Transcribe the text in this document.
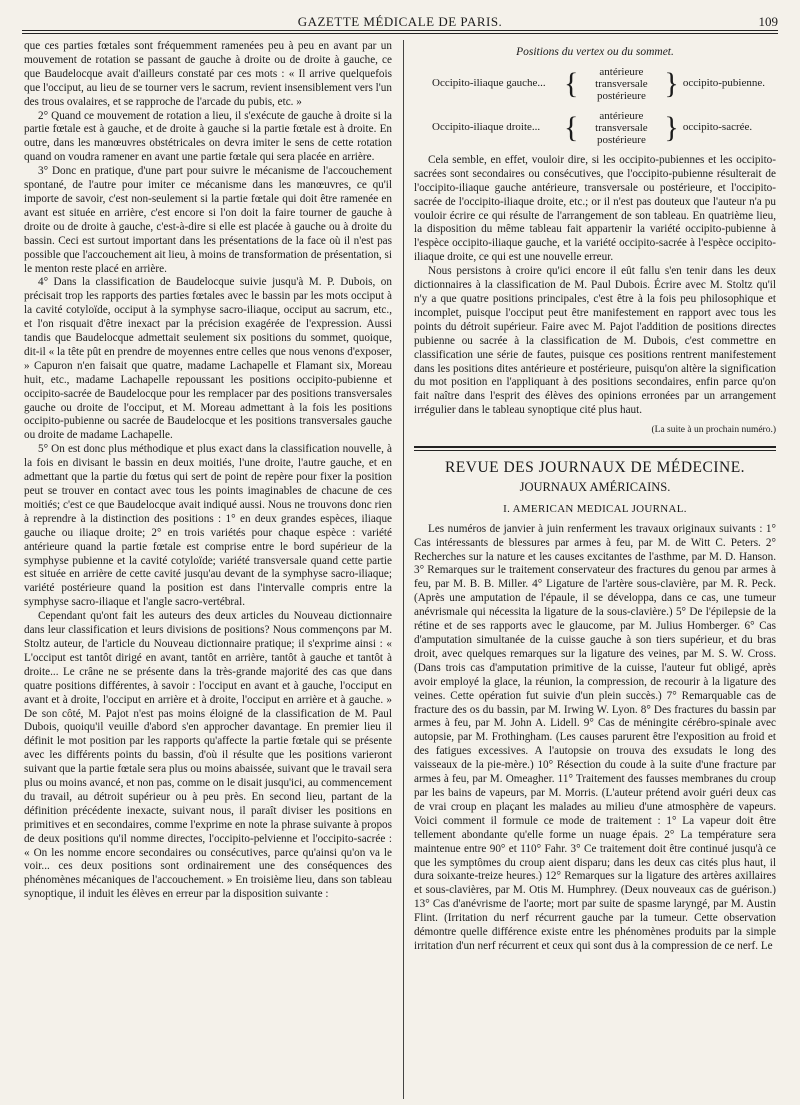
GAZETTE MÉDICALE DE PARIS.	109

que ces parties fœtales sont fréquemment ramenées peu à peu en avant par un mouvement de rotation se passant de gauche à droite ou de droite à gauche, ce que Baudelocque avait d'ailleurs constaté par ces mots : « Il arrive quelquefois que l'occiput, au lieu de se tourner vers le sacrum, revient insensiblement vers l'un des trous ovalaires, et se rapproche de l'arcade du pubis, etc. »

2° Quand ce mouvement de rotation a lieu, il s'exécute de gauche à droite si la partie fœtale est à gauche, et de droite à gauche si la partie fœtale est à droite. En outre, dans les manœuvres obstétricales on devra imiter le sens de cette rotation quand on voudra ramener en avant une partie fœtale qui sera placée en arrière.

3° Donc en pratique, d'une part pour suivre le mécanisme de l'accouchement spontané, de l'autre pour imiter ce mécanisme dans les manœuvres, ce qu'il importe de savoir, c'est non-seulement si la partie fœtale qui doit être ramenée en avant est située en arrière, c'est encore si l'on doit la faire tourner de gauche à droite ou de droite à gauche, c'est-à-dire si elle est placée à gauche ou à droite du bassin. Ceci est surtout important dans les présentations de la face où il n'est pas possible que l'accouchement ait lieu, à moins de transformation de présentation, si le menton reste placé en arrière.

4° Dans la classification de Baudelocque suivie jusqu'à M. P. Dubois, on précisait trop les rapports des parties fœtales avec le bassin par les mots occiput à la cavité cotyloïde, occiput à la symphyse sacro-iliaque, occiput au sacrum, etc., et l'on risquait d'être inexact par la précision exagérée de l'expression. Aussi tandis que Baudelocque admettait seulement six positions du sommet, quoique, dit-il « la tête pût en prendre de moyennes entre celles que nous venons d'exposer, » Capuron n'en faisait que quatre, madame Lachapelle et Flamant six, Moreau huit, etc., madame Lachapelle repoussant les positions occipito-pubienne et occipito-sacrée de Baudelocque pour les remplacer par des positions transversales gauche ou droite de l'occiput, et M. Moreau admettant à la fois les positions occipito-pubienne ou sacrée de Baudelocque et les positions transversales gauche ou droite de madame Lachapelle.

5° On est donc plus méthodique et plus exact dans la classification nouvelle, à la fois en divisant le bassin en deux moitiés, l'une droite, l'autre gauche, et en admettant que la partie du fœtus qui sert de point de repère pour fixer la position peut se trouver en contact avec tous les points imaginables de chacune de ces moitiés; c'est ce que Baudelocque avait indiqué aussi. Nous ne trouvons donc rien à reprendre à la distinction des positions : 1° en deux grandes espèces, iliaque gauche ou iliaque droite; 2° en trois variétés pour chaque espèce : variété antérieure quand la partie fœtale est comprise entre le bord supérieur de la symphyse pubienne et la cavité cotyloïde; variété transversale quand cette partie est située en arrière de cette cavité jusqu'au devant de la symphyse sacro-iliaque; variété postérieure quand la position est dans l'intervalle compris entre la symphyse sacro-iliaque et l'angle sacro-vertébral.

Cependant qu'ont fait les auteurs des deux articles du Nouveau dictionnaire dans leur classification et leurs divisions de positions? Nous commençons par M. Stoltz auteur, de l'article du Nouveau dictionnaire pratique; il s'exprime ainsi : « L'occiput est tantôt dirigé en avant, tantôt en arrière, tantôt à gauche et tantôt à droite... Le crâne ne se présente dans la très-grande majorité des cas que dans quatre positions différentes, à savoir : l'occiput en avant et à gauche, l'occiput en avant et à droite, l'occiput en arrière et à droite, l'occiput en arrière et à gauche. » De son côté, M. Pajot n'est pas moins éloigné de la classification de M. Paul Dubois, quoiqu'il veuille d'abord s'en approcher davantage. En premier lieu il définit le mot position par les rapports qu'affecte la partie fœtale qui se présente avec les différents points du bassin, d'où il résulte que les positions varieront suivant que la partie fœtale sera plus ou moins abaissée, suivant que le travail sera plus ou moins avancé, et non pas, comme on le disait jusqu'ici, au commencement du travail, au détroit supérieur ou à peu près. En second lieu, partant de la définition précédente inexacte, suivant nous, il paraît diviser les positions en primitives et en secondaires, comme l'exprime en note la phrase suivante à propos de deux positions qu'il nomme directes, l'occipito-pelvienne et l'occipito-sacrée : « On les nomme encore secondaires ou consécutives, parce qu'ainsi qu'on va le voir... ces deux positions sont ordinairement une des conséquences des phénomènes mécaniques de l'accouchement. » En troisième lieu, dans son tableau synoptique, il induit les élèves en erreur par la disposition suivante :

Positions du vertex ou du sommet.
Occipito-iliaque gauche... {	antérieure
transversale
postérieure } occipito-pubienne.
Occipito-iliaque droite... {	antérieure
transversale
postérieure } occipito-sacrée.

Cela semble, en effet, vouloir dire, si les occipito-pubiennes et les occipito-sacrées sont secondaires ou consécutives, que l'occipito-pubienne résulterait de l'occipito-iliaque gauche antérieure, transversale ou postérieure, et l'occipito-sacrée de l'occipito-iliaque droite, etc.; or il n'est pas douteux que l'auteur n'a pu vouloir écrire ce qui résulte de l'arrangement de son tableau. En quatrième lieu, la disposition du même tableau fait appartenir la variété occipito-pubienne à l'espèce occipito-iliaque gauche, et la variété occipito-sacrée à l'espèce occipito-iliaque droite, ce qui est une nouvelle erreur.

Nous persistons à croire qu'ici encore il eût fallu s'en tenir dans les deux dictionnaires à la classification de M. Paul Dubois. Écrire avec M. Stoltz qu'il n'y a que quatre positions principales, c'est être à la fois peu philosophique et incomplet, puisque l'occiput peut être manifestement en rapport avec tous les points du détroit supérieur. Faire avec M. Pajot l'addition de positions directes pubienne ou sacrée à la classification de M. Dubois, c'est commettre en classification une série de fautes, puisque ces positions rentrent manifestement dans les positions dites antérieure et postérieure, puisqu'on altère la signification du mot position en l'appliquant à des positions secondaires, enfin parce qu'on fait naître dans l'esprit des élèves des opinions erronées par un arrangement irrégulier dans le tableau synoptique cité plus haut.

(La suite à un prochain numéro.)
REVUE DES JOURNAUX DE MÉDECINE.
JOURNAUX AMÉRICAINS.
I. AMERICAN MEDICAL JOURNAL.

Les numéros de janvier à juin renferment les travaux originaux suivants : 1° Cas intéressants de blessures par armes à feu, par M. de Witt C. Peters. 2° Recherches sur la nature et les causes excitantes de l'asthme, par M. D. Hanson. 3° Remarques sur le traitement conservateur des fractures du genou par armes à feu, par M. B. B. Miller. 4° Ligature de l'artère sous-clavière, par M. R. Peck. (Après une amputation de l'épaule, il se développa, dans ce cas, une tumeur anévrismale qui nécessita la ligature de la sous-clavière.) 5° De l'épilepsie de la rétine et de ses rapports avec le glaucome, par M. Julius Homberger. 6° Cas d'amputation simultanée de la cuisse gauche à son tiers supérieur, et du bras droit, avec quelques remarques sur la ligature des veines, par M. S. W. Cross. (Dans trois cas d'amputation primitive de la cuisse, l'auteur fut obligé, après avoir employé la glace, la réunion, la compression, de recourir à la ligature des veines. Cette opération fut suivie d'un plein succès.) 7° Remarquable cas de fracture des os du bassin, par M. Irwing W. Lyon. 8° Des fractures du bassin par armes à feu, par M. John A. Lidell. 9° Cas de méningite cérébro-spinale avec autopsie, par M. Frothingham. (Les causes parurent être l'exposition au froid et des fatigues excessives. A l'autopsie on trouva des exsudats le long des vaisseaux de la pie-mère.) 10° Résection du coude à la suite d'une fracture par armes à feu, par M. Omeagher. 11° Traitement des fausses membranes du croup par les bains de vapeurs, par M. Morris. (L'auteur prétend avoir guéri deux cas de vrai croup en plaçant les malades au milieu d'une atmosphère de vapeurs. Voici comment il formule ce mode de traitement : 1° La vapeur doit être tellement abondante qu'elle forme un nuage épais. 2° La température sera maintenue entre 90° et 110° Fahr. 3° Ce traitement doit être continué jusqu'à ce que les symptômes du croup aient disparu; dans les deux cas cités plus haut, il dura soixante-treize heures.) 12° Remarques sur la ligature des artères axillaires et sous-clavières, par M. Otis M. Humphrey. (Deux nouveaux cas de guérison.) 13° Cas d'anévrisme de l'aorte; mort par suite de spasme laryngé, par M. Austin Flint. (Irritation du nerf récurrent gauche par la tumeur. Cette observation démontre quelle différence existe entre les phénomènes produits par la simple irritation d'un nerf récurrent et ceux qui sont dus à la compression de ce nerf. Le
